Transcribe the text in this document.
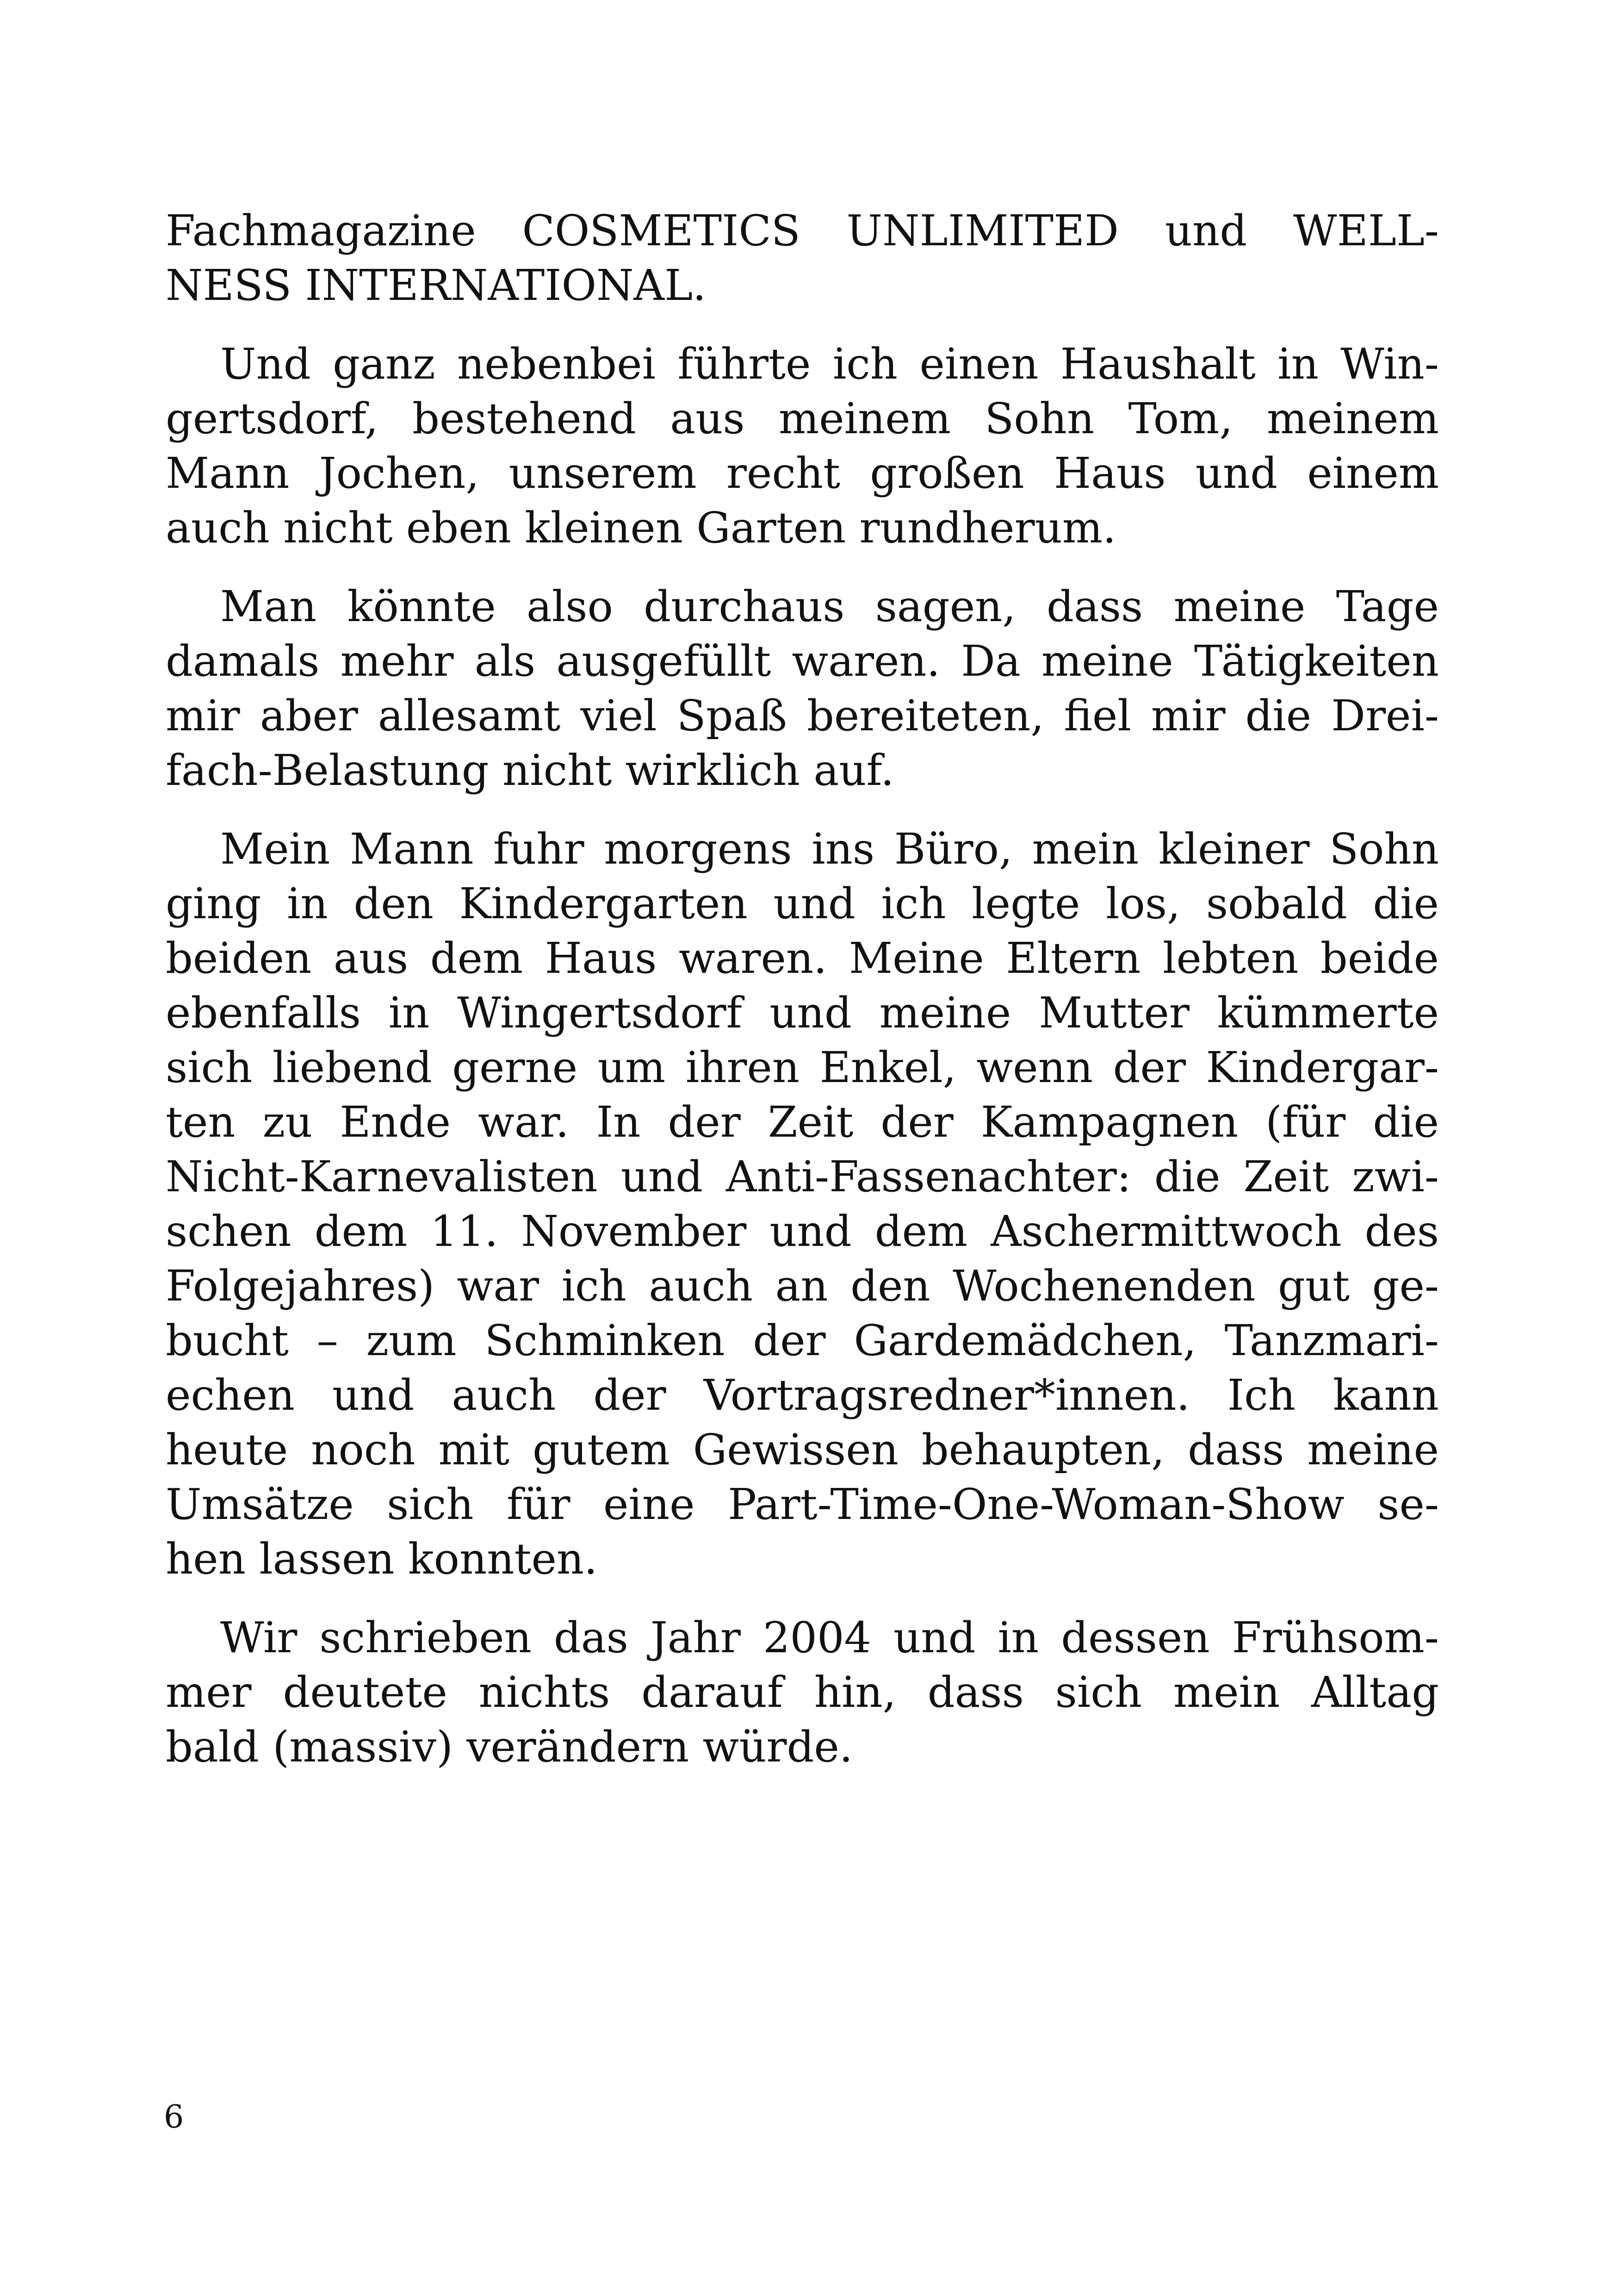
Fachmagazine COSMETICS UNLIMITED und WELL-
NESS INTERNATIONAL.
Und ganz nebenbei führte ich einen Haushalt in Win-
gertsdorf, bestehend aus meinem Sohn Tom, meinem
Mann Jochen, unserem recht großen Haus und einem
auch nicht eben kleinen Garten rundherum.
Man könnte also durchaus sagen, dass meine Tage
damals mehr als ausgefüllt waren. Da meine Tätigkeiten
mir aber allesamt viel Spaß bereiteten, fiel mir die Drei-
fach-Belastung nicht wirklich auf.
Mein Mann fuhr morgens ins Büro, mein kleiner Sohn
ging in den Kindergarten und ich legte los, sobald die
beiden aus dem Haus waren. Meine Eltern lebten beide
ebenfalls in Wingertsdorf und meine Mutter kümmerte
sich liebend gerne um ihren Enkel, wenn der Kindergar-
ten zu Ende war. In der Zeit der Kampagnen (für die
Nicht-Karnevalisten und Anti-Fassenachter: die Zeit zwi-
schen dem 11. November und dem Aschermittwoch des
Folgejahres) war ich auch an den Wochenenden gut ge-
bucht – zum Schminken der Gardemädchen, Tanzmari-
echen und auch der Vortragsredner*innen. Ich kann
heute noch mit gutem Gewissen behaupten, dass meine
Umsätze sich für eine Part-Time-One-Woman-Show se-
hen lassen konnten.
Wir schrieben das Jahr 2004 und in dessen Frühsom-
mer deutete nichts darauf hin, dass sich mein Alltag
bald (massiv) verändern würde.
6
